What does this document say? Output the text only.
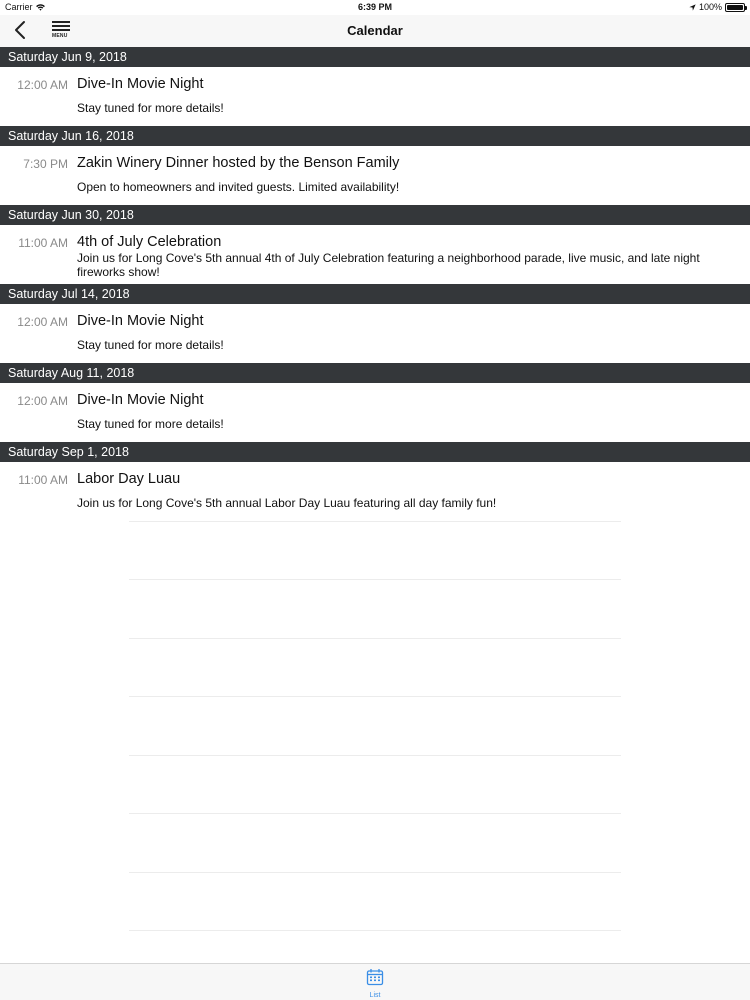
Carrier	6:39 PM	100%
MENU	Calendar
Saturday Jun 9, 2018
12:00 AM Dive-In Movie Night
Stay tuned for more details!
Saturday Jun 16, 2018
7:30 PM Zakin Winery Dinner hosted by the Benson Family
Open to homeowners and invited guests. Limited availability!
Saturday Jun 30, 2018
11:00 AM 4th of July Celebration
Join us for Long Cove's 5th annual 4th of July Celebration featuring a neighborhood parade, live music, and late night fireworks show!
Saturday Jul 14, 2018
12:00 AM Dive-In Movie Night
Stay tuned for more details!
Saturday Aug 11, 2018
12:00 AM Dive-In Movie Night
Stay tuned for more details!
Saturday Sep 1, 2018
11:00 AM Labor Day Luau
Join us for Long Cove's 5th annual Labor Day Luau featuring all day family fun!
List
